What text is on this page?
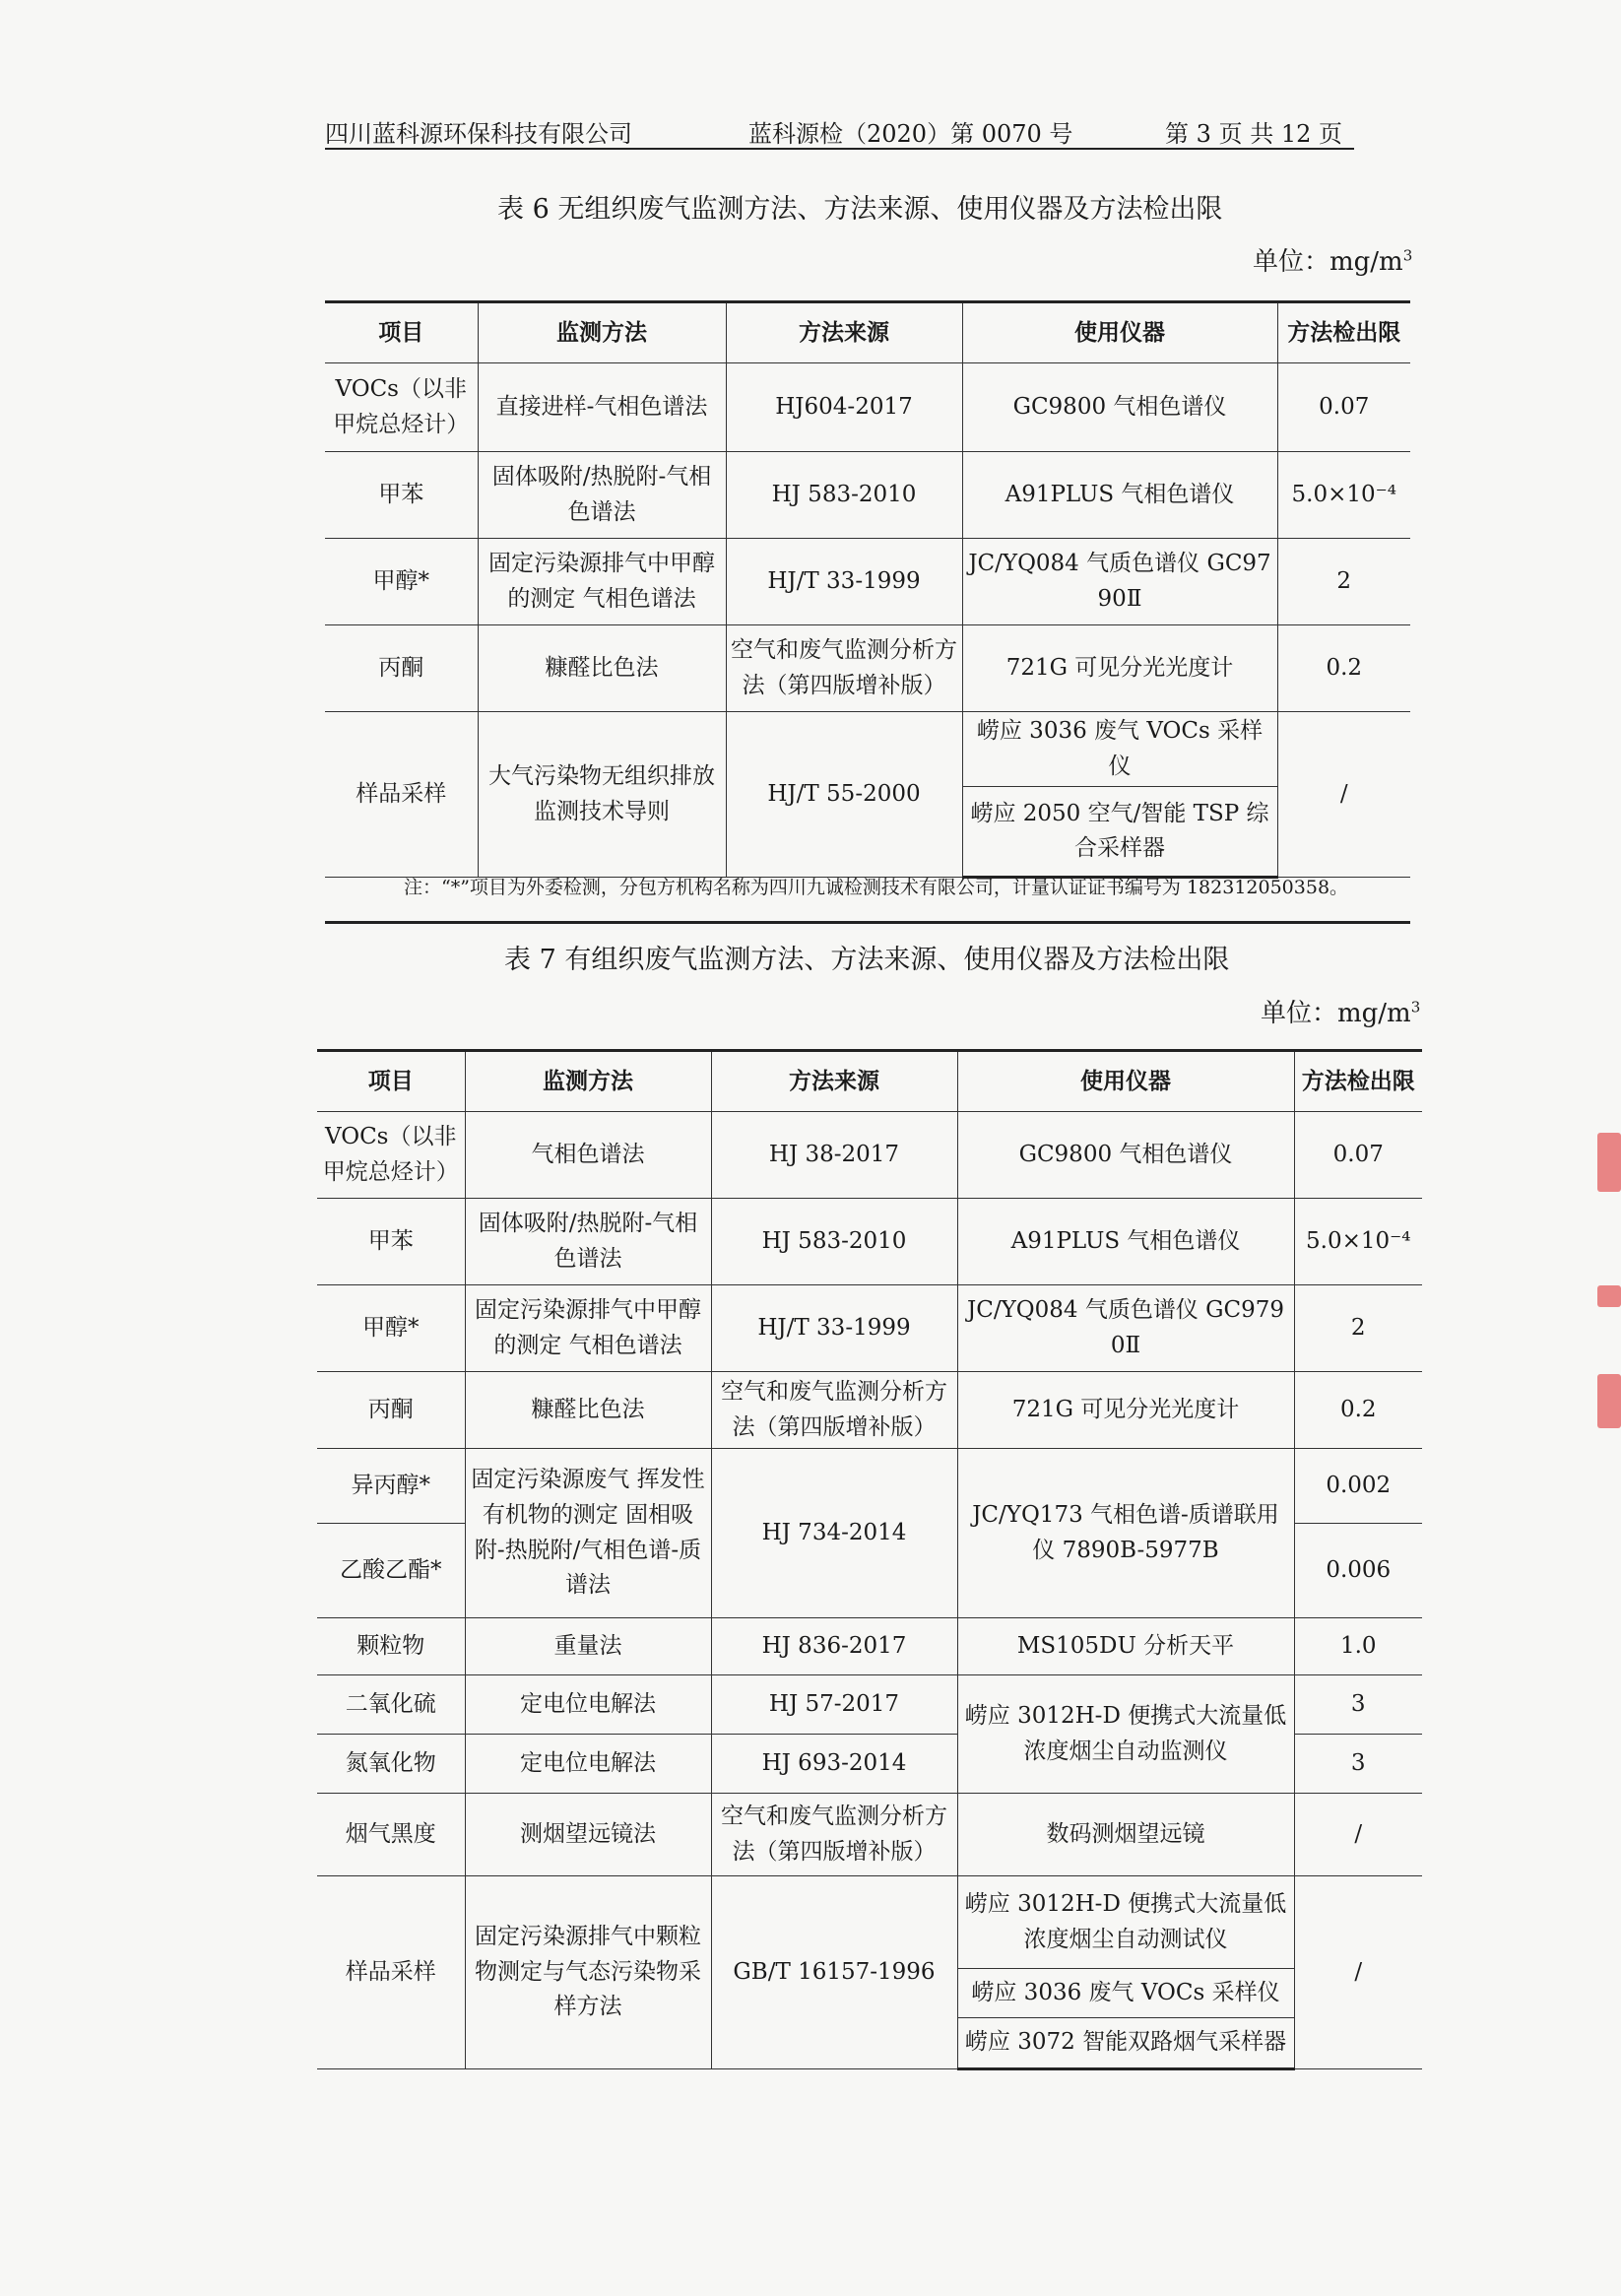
四川蓝科源环保科技有限公司	蓝科源检（2020）第 0070 号	第 3 页 共 12 页
表 6 无组织废气监测方法、方法来源、使用仪器及方法检出限
单位：$mg/m^3$
项目	监测方法	方法来源	使用仪器	方法检出限
VOCs（以非甲烷总烃计）	直接进样-气相色谱法	HJ604-2017	GC9800 气相色谱仪	0.07
甲苯	固体吸附/热脱附-气相色谱法	HJ 583-2010	A91PLUS 气相色谱仪	5.0×10⁻⁴
甲醇*	固定污染源排气中甲醇的测定 气相色谱法	HJ/T 33-1999	JC/YQ084 气质色谱仪 GC9790Ⅱ	2
丙酮	糠醛比色法	空气和废气监测分析方法（第四版增补版）	721G 可见分光光度计	0.2
样品采样	大气污染物无组织排放监测技术导则	HJ/T 55-2000	崂应 3036 废气 VOCs 采样仪	/
			崂应 2050 空气/智能 TSP 综合采样器	
注：“*”项目为外委检测，分包方机构名称为四川九诚检测技术有限公司，计量认证证书编号为 182312050358。
表 7 有组织废气监测方法、方法来源、使用仪器及方法检出限
单位：$mg/m^3$
项目	监测方法	方法来源	使用仪器	方法检出限
VOCs（以非甲烷总烃计）	气相色谱法	HJ 38-2017	GC9800 气相色谱仪	0.07
甲苯	固体吸附/热脱附-气相色谱法	HJ 583-2010	A91PLUS 气相色谱仪	5.0×10⁻⁴
甲醇*	固定污染源排气中甲醇的测定 气相色谱法	HJ/T 33-1999	JC/YQ084 气质色谱仪 GC9790Ⅱ	2
丙酮	糠醛比色法	空气和废气监测分析方法（第四版增补版）	721G 可见分光光度计	0.2
异丙醇*	固定污染源废气 挥发性有机物的测定 固相吸附-热脱附/气相色谱-质谱法	HJ 734-2014	JC/YQ173 气相色谱-质谱联用仪 7890B-5977B	0.002
乙酸乙酯*				0.006
颗粒物	重量法	HJ 836-2017	MS105DU 分析天平	1.0
二氧化硫	定电位电解法	HJ 57-2017	崂应 3012H-D 便携式大流量低浓度烟尘自动监测仪	3
氮氧化物	定电位电解法	HJ 693-2014		3
烟气黑度	测烟望远镜法	空气和废气监测分析方法（第四版增补版）	数码测烟望远镜	/
样品采样	固定污染源排气中颗粒物测定与气态污染物采样方法	GB/T 16157-1996	崂应 3012H-D 便携式大流量低浓度烟尘自动测试仪	/
			崂应 3036 废气 VOCs 采样仪	
			崂应 3072 智能双路烟气采样器	
